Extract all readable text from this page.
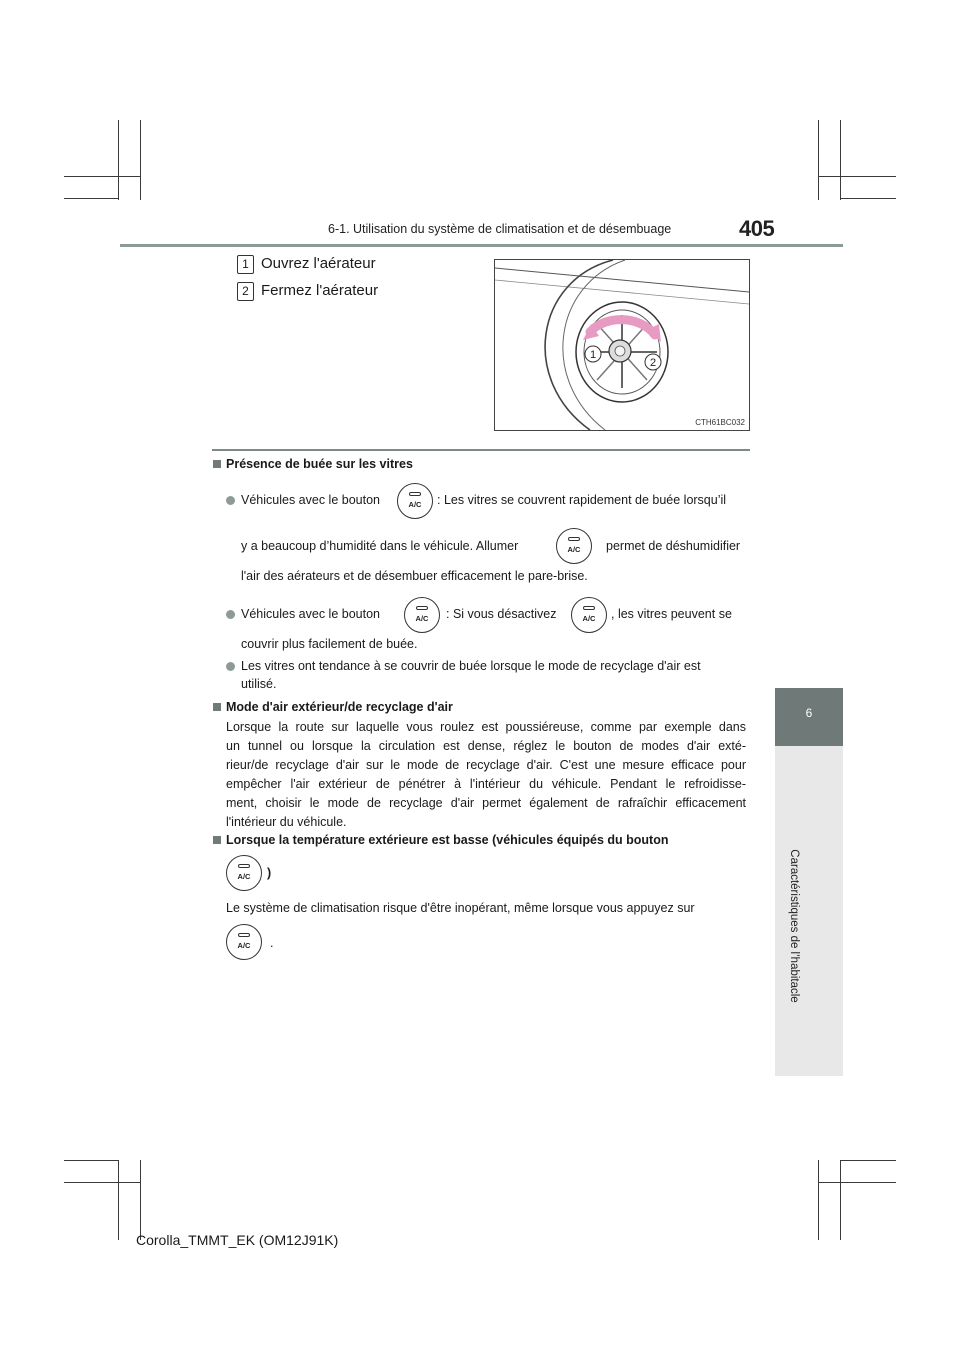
6-1. Utilisation du système de climatisation et de désembuage	405
6
Caractéristiques de l’habitacle
1 Ouvrez l'aérateur
2 Fermez l'aérateur
1
2
CTH61BC032
Présence de buée sur les vitres
Véhicules avec le bouton	A/C	: Les vitres se couvrent rapidement de buée lorsqu’il
y a beaucoup d’humidité dans le véhicule. Allumer	A/C	permet de déshumidifier
l'air des aérateurs et de désembuer efficacement le pare-brise.
Véhicules avec le bouton	A/C	: Si vous désactivez	A/C	, les vitres peuvent se
couvrir plus facilement de buée.
Les vitres ont tendance à se couvrir de buée lorsque le mode de recyclage d'air est
utilisé.
Mode d'air extérieur/de recyclage d'air
Lorsque la route sur laquelle vous roulez est poussiéreuse, comme par exemple dans
un tunnel ou lorsque la circulation est dense, réglez le bouton de modes d'air exté-
rieur/de recyclage d'air sur le mode de recyclage d'air. C'est une mesure efficace pour
empêcher l'air extérieur de pénétrer à l'intérieur du véhicule. Pendant le refroidisse-
ment, choisir le mode de recyclage d'air permet également de rafraîchir efficacement
l'intérieur du véhicule.
Lorsque la température extérieure est basse (véhicules équipés du bouton
A/C	)
Le système de climatisation risque d'être inopérant, même lorsque vous appuyez sur
A/C	.
Corolla_TMMT_EK (OM12J91K)
